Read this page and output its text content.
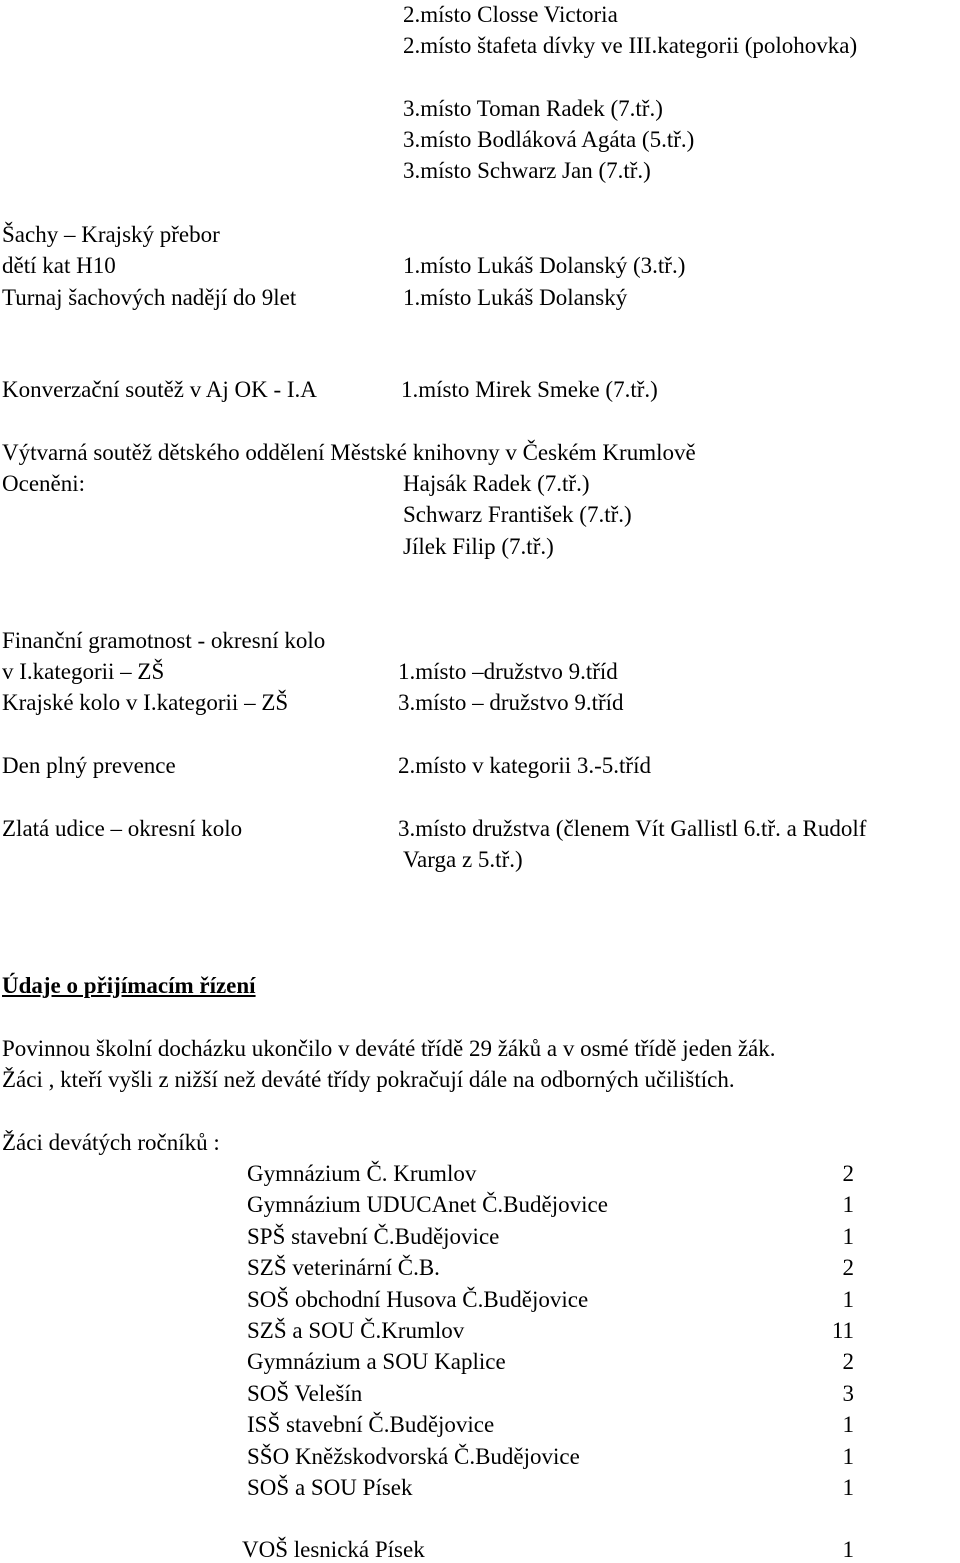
2.místo Closse Victoria
2.místo štafeta dívky ve III.kategorii (polohovka)
3.místo Toman Radek (7.tř.)
3.místo Bodláková Agáta (5.tř.)
3.místo Schwarz Jan (7.tř.)
Šachy – Krajský přebor
dětí kat H10	1.místo Lukáš Dolanský (3.tř.)
Turnaj šachových nadějí do 9let	1.místo Lukáš Dolanský
Konverzační soutěž v Aj OK - I.A	1.místo Mirek Smeke (7.tř.)
Výtvarná soutěž dětského oddělení Městské knihovny v Českém Krumlově
Oceněni:	Hajsák Radek (7.tř.)
Schwarz František (7.tř.)
Jílek Filip (7.tř.)
Finanční gramotnost - okresní kolo
v I.kategorii – ZŠ	1.místo –družstvo 9.tříd
Krajské kolo v I.kategorii – ZŠ	3.místo – družstvo 9.tříd
Den plný prevence	2.místo v kategorii 3.-5.tříd
Zlatá udice – okresní kolo	3.místo družstva (členem Vít Gallistl 6.tř. a Rudolf
Varga z 5.tř.)
Údaje o přijímacím řízení
Povinnou školní docházku ukončilo v deváté třídě 29 žáků a v osmé třídě jeden žák.
Žáci , kteří vyšli z nižší než deváté třídy pokračují dále na odborných učilištích.
Žáci devátých ročníků :
Gymnázium Č. Krumlov	2
Gymnázium UDUCAnet Č.Budějovice	1
SPŠ stavební Č.Budějovice	1
SZŠ veterinární Č.B.	2
SOŠ obchodní Husova Č.Budějovice	1
SZŠ a SOU Č.Krumlov	11
Gymnázium a SOU Kaplice	2
SOŠ Velešín	3
ISŠ stavební Č.Budějovice	1
SŠO Kněžskodvorská Č.Budějovice	1
SOŠ a SOU Písek	1
VOŠ lesnická Písek	1
